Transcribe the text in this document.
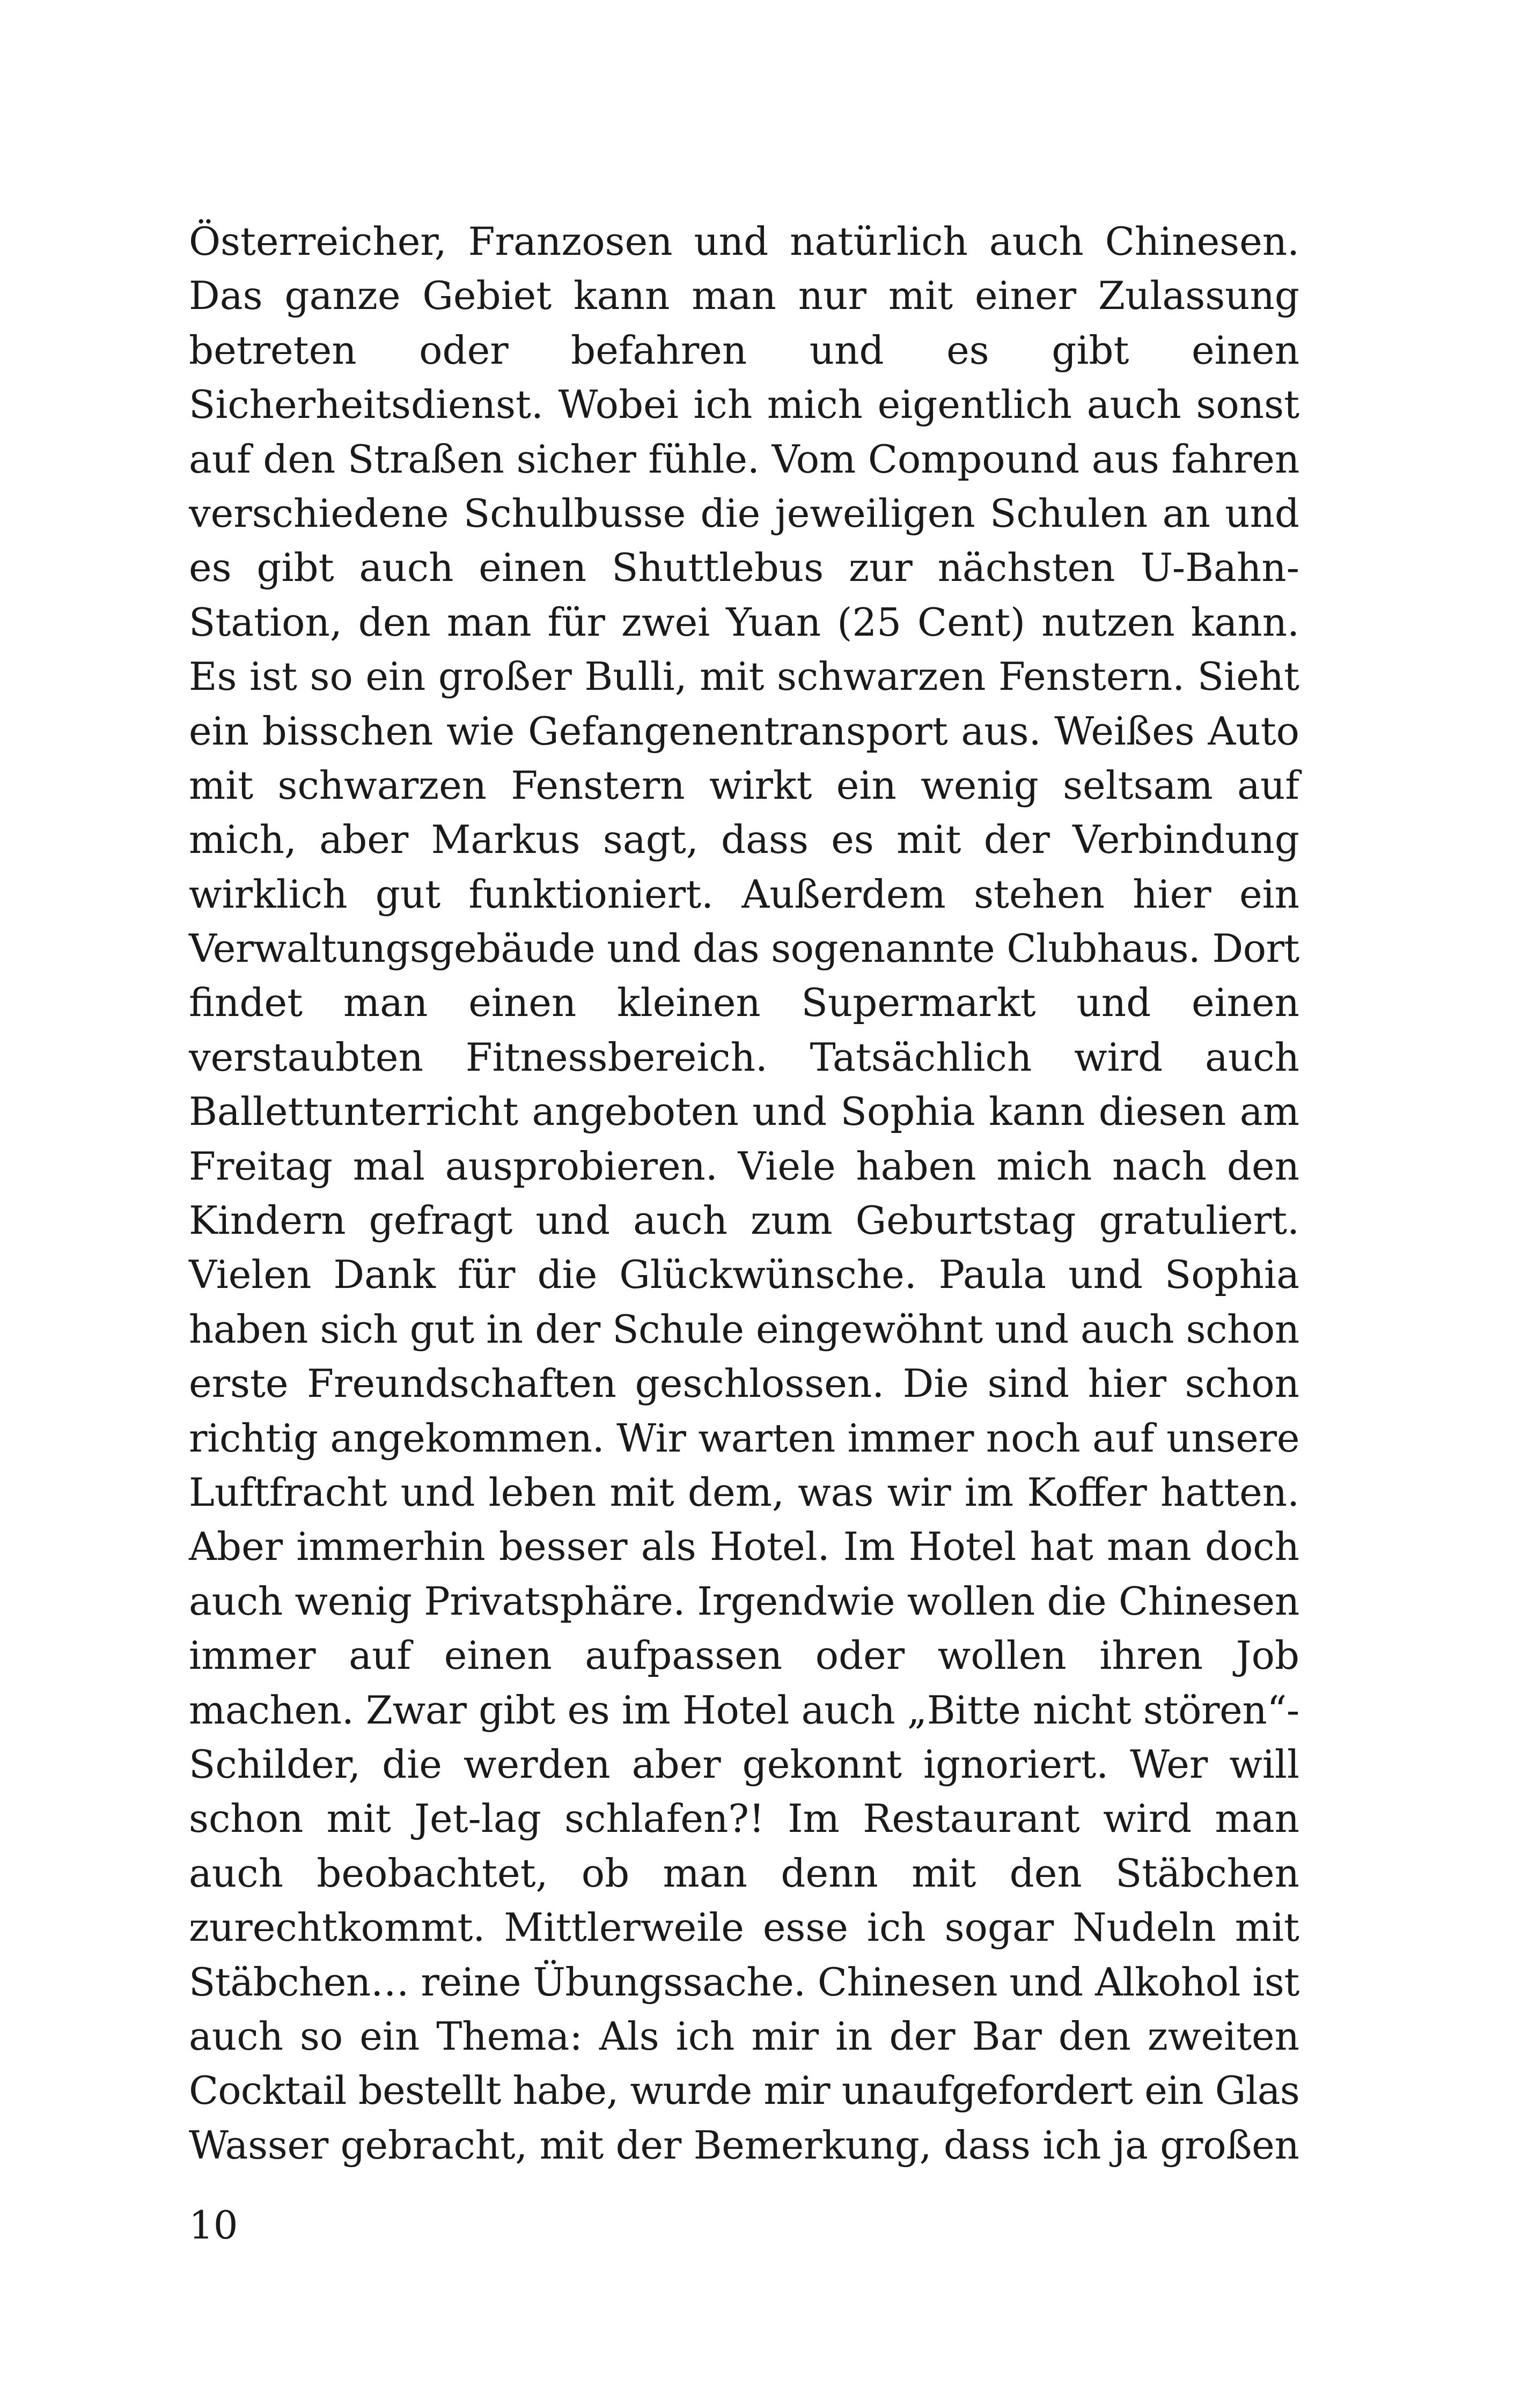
Österreicher, Franzosen und natürlich auch Chinesen.
Das ganze Gebiet kann man nur mit einer Zulassung
betreten oder befahren und es gibt einen
Sicherheitsdienst. Wobei ich mich eigentlich auch sonst
auf den Straßen sicher fühle. Vom Compound aus fahren
verschiedene Schulbusse die jeweiligen Schulen an und
es gibt auch einen Shuttlebus zur nächsten U-Bahn-
Station, den man für zwei Yuan (25 Cent) nutzen kann.
Es ist so ein großer Bulli, mit schwarzen Fenstern. Sieht
ein bisschen wie Gefangenentransport aus. Weißes Auto
mit schwarzen Fenstern wirkt ein wenig seltsam auf
mich, aber Markus sagt, dass es mit der Verbindung
wirklich gut funktioniert. Außerdem stehen hier ein
Verwaltungsgebäude und das sogenannte Clubhaus. Dort
findet man einen kleinen Supermarkt und einen
verstaubten Fitnessbereich. Tatsächlich wird auch
Ballettunterricht angeboten und Sophia kann diesen am
Freitag mal ausprobieren. Viele haben mich nach den
Kindern gefragt und auch zum Geburtstag gratuliert.
Vielen Dank für die Glückwünsche. Paula und Sophia
haben sich gut in der Schule eingewöhnt und auch schon
erste Freundschaften geschlossen. Die sind hier schon
richtig angekommen. Wir warten immer noch auf unsere
Luftfracht und leben mit dem, was wir im Koffer hatten.
Aber immerhin besser als Hotel. Im Hotel hat man doch
auch wenig Privatsphäre. Irgendwie wollen die Chinesen
immer auf einen aufpassen oder wollen ihren Job
machen. Zwar gibt es im Hotel auch „Bitte nicht stören“-
Schilder, die werden aber gekonnt ignoriert. Wer will
schon mit Jet-lag schlafen?! Im Restaurant wird man
auch beobachtet, ob man denn mit den Stäbchen
zurechtkommt. Mittlerweile esse ich sogar Nudeln mit
Stäbchen… reine Übungssache. Chinesen und Alkohol ist
auch so ein Thema: Als ich mir in der Bar den zweiten
Cocktail bestellt habe, wurde mir unaufgefordert ein Glas
Wasser gebracht, mit der Bemerkung, dass ich ja großen
10
